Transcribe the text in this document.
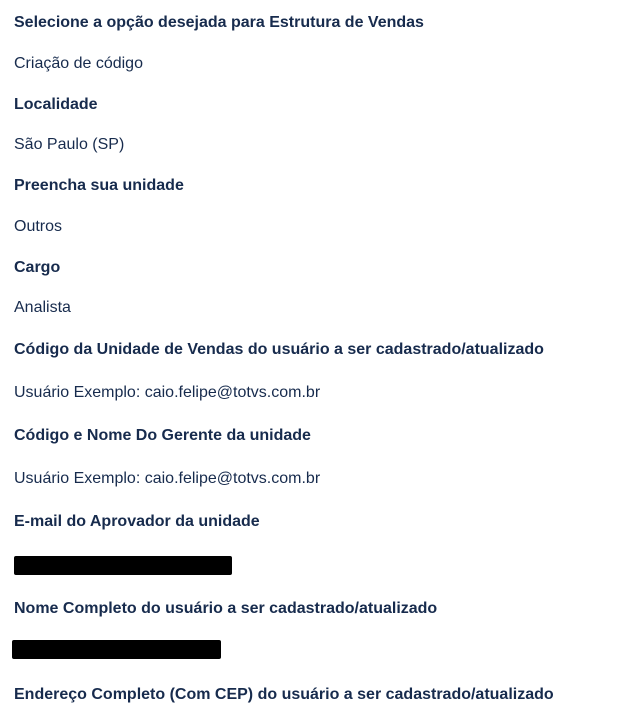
Selecione a opção desejada para Estrutura de Vendas
Criação de código
Localidade
São Paulo (SP)
Preencha sua unidade
Outros
Cargo
Analista
Código da Unidade de Vendas do usuário a ser cadastrado/atualizado
Usuário Exemplo: caio.felipe@totvs.com.br
Código e Nome Do Gerente da unidade
Usuário Exemplo: caio.felipe@totvs.com.br
E-mail do Aprovador da unidade
Nome Completo do usuário a ser cadastrado/atualizado
Endereço Completo (Com CEP) do usuário a ser cadastrado/atualizado
